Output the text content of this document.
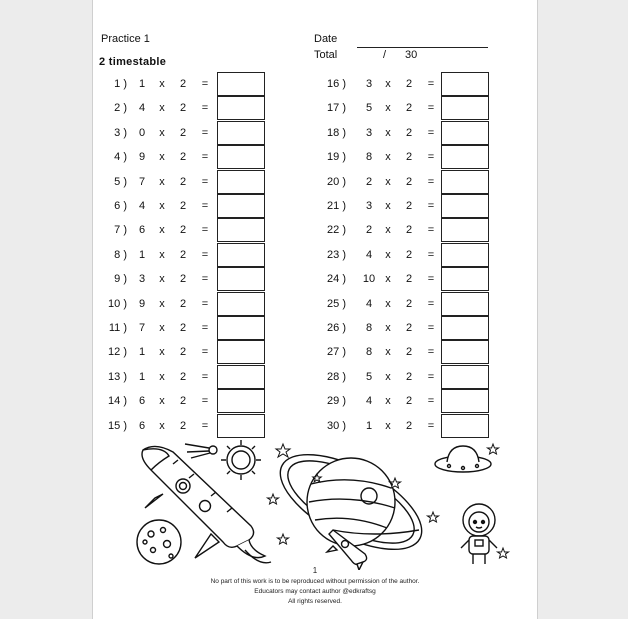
Practice 1
2 timestable
Date
Total	/ 30
1 )	1	x 2 =
2 )	4	x 2 =
3 )	0	x 2 =
4 )	9	x 2 =
5 )	7	x 2 =
6 )	4	x 2 =
7 )	6	x 2 =
8 )	1	x 2 =
9 )	3	x 2 =
10 )	9	x 2 =
11 )	7	x 2 =
12 )	1	x 2 =
13 )	1	x 2 =
14 )	6	x 2 =
15 )	6	x 2 =
16 )	3	x 2 =
17 )	5	x 2 =
18 )	3	x 2 =
19 )	8	x 2 =
20 )	2	x 2 =
21 )	3	x 2 =
22 )	2	x 2 =
23 )	4	x 2 =
24 ) 10 x 2 =
25 )	4	x 2 =
26 )	8	x 2 =
27 )	8	x 2 =
28 )	5	x 2 =
29 )	4	x 2 =
30 )	1	x 2 =
1
No part of this work is to be reproduced without permission of the author.
Educators may contact author @edkraftsg
All rights reserved.
